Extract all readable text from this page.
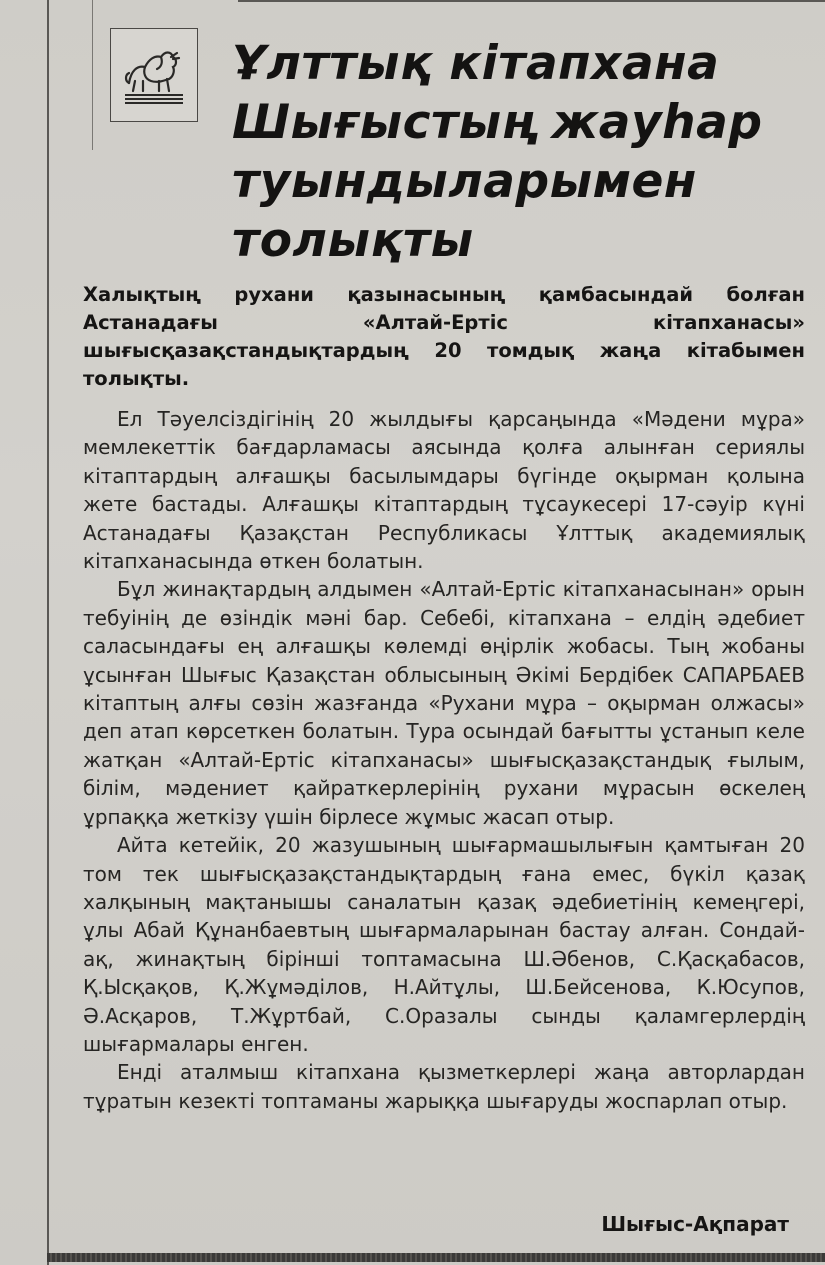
Ұлттық кітапхана Шығыстың жауһар туындыларымен толықты

Халықтың рухани қазынасының қамбасындай болған Астанадағы «Алтай-Ертіс кітапханасы» шығысқазақстандықтардың 20 томдық жаңа кітабымен толықты.

Ел Тәуелсіздігінің 20 жылдығы қарсаңында «Мәдени мұра» мемлекеттік бағдарламасы аясында қолға алынған сериялы кітаптардың алғашқы басылымдары бүгінде оқырман қолына жете бастады. Алғашқы кітаптардың тұсаукесері 17-сәуір күні Астанадағы Қазақстан Республикасы Ұлттық академиялық кітапханасында өткен болатын.

Бұл жинақтардың алдымен «Алтай-Ертіс кітапханасынан» орын тебуінің де өзіндік мәні бар. Себебі, кітапхана – елдің әдебиет саласындағы ең алғашқы көлемді өңірлік жобасы. Тың жобаны ұсынған Шығыс Қазақстан облысының Әкімі Бердібек САПАРБАЕВ кітаптың алғы сөзін жазғанда «Рухани мұра – оқырман олжасы» деп атап көрсеткен болатын. Тура осындай бағытты ұстанып келе жатқан «Алтай-Ертіс кітапханасы» шығысқазақстандық ғылым, білім, мәдениет қайраткерлерінің рухани мұрасын өскелең ұрпаққа жеткізу үшін бірлесе жұмыс жасап отыр.

Айта кетейік, 20 жазушының шығармашылығын қамтыған 20 том тек шығысқазақстандықтардың ғана емес, бүкіл қазақ халқының мақтанышы саналатын қазақ әдебиетінің кемеңгері, ұлы Абай Құнанбаевтың шығармаларынан бастау алған. Сондай-ақ, жинақтың бірінші топтамасына Ш.Әбенов, С.Қасқабасов, Қ.Ысқақов, Қ.Жұмәділов, Н.Айтұлы, Ш.Бейсенова, К.Юсупов, Ә.Асқаров, Т.Жұртбай, С.Оразалы сынды қаламгерлердің шығармалары енген.

Енді аталмыш кітапхана қызметкерлері жаңа авторлардан тұратын кезекті топтаманы жарыққа шығаруды жоспарлап отыр.

Шығыс-Ақпарат
